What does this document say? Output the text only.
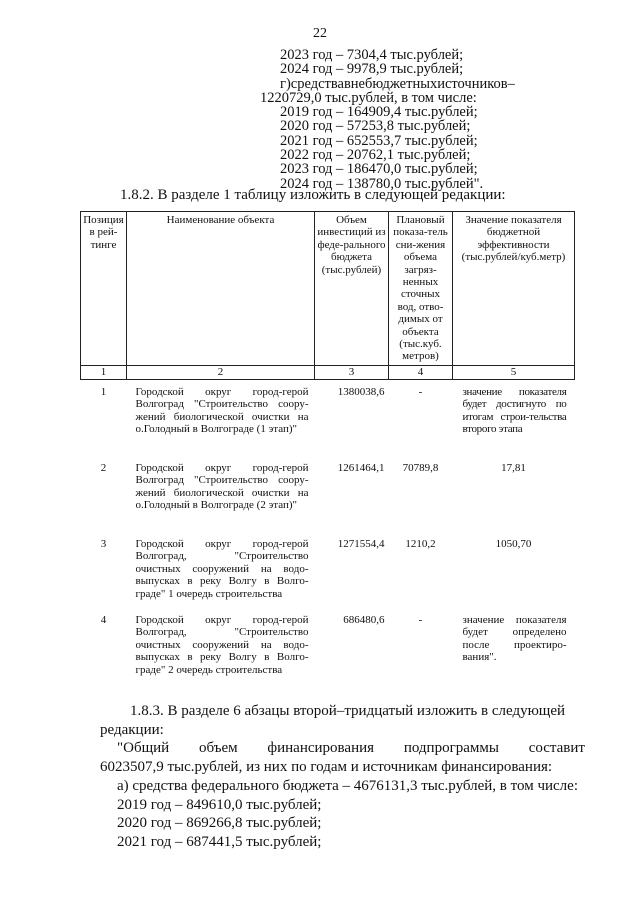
22
2023 год – 7304,4 тыс.рублей;
2024 год – 9978,9 тыс.рублей;
г) средства внебюджетных источников –
1220729,0 тыс.рублей, в том числе:
2019 год – 164909,4 тыс.рублей;
2020 год – 57253,8 тыс.рублей;
2021 год – 652553,7 тыс.рублей;
2022 год – 20762,1 тыс.рублей;
2023 год – 186470,0 тыс.рублей;
2024 год – 138780,0 тыс.рублей".
1.8.2. В разделе 1 таблицу изложить в следующей редакции:
Позиция в рей-тинге	Наименование объекта	Объем инвестиций из феде-рального бюджета (тыс.рублей)	Плановый показа-тель сни-жения объема загряз-ненных сточных вод, отво-димых от объекта (тыс.куб. метров)	Значение показателя бюджетной эффективности (тыс.рублей/куб.метр)
1	2	3	4	5
1	Городской округ город-герой Волгоград "Строительство соору-жений биологической очистки на о.Голодный в Волгограде (1 этап)"	1380038,6	-	значение показателя будет достигнуто по итогам строи-тельства второго этапа

2	Городской округ город-герой Волгоград "Строительство соору-жений биологической очистки на о.Голодный в Волгограде (2 этап)"	1261464,1	70789,8	17,81
3	Городской округ город-герой Волгоград, "Строительство очистных сооружений на водо-выпусках в реку Волгу в Волго-граде" 1 очередь строительства	1271554,4	1210,2	1050,70
4	Городской округ город-герой Волгоград, "Строительство очистных сооружений на водо-выпусках в реку Волгу в Волго-граде" 2 очередь строительства	686480,6	-	значение показателя будет определено после проектиро-вания".
1.8.3. В разделе 6 абзацы второй–тридцатый изложить в следующей
редакции:
"Общий объем финансирования подпрограммы составит
6023507,9 тыс.рублей, из них по годам и источникам финансирования:
а) средства федерального бюджета – 4676131,3 тыс.рублей, в том числе:
2019 год – 849610,0 тыс.рублей;
2020 год – 869266,8 тыс.рублей;
2021 год – 687441,5 тыс.рублей;
